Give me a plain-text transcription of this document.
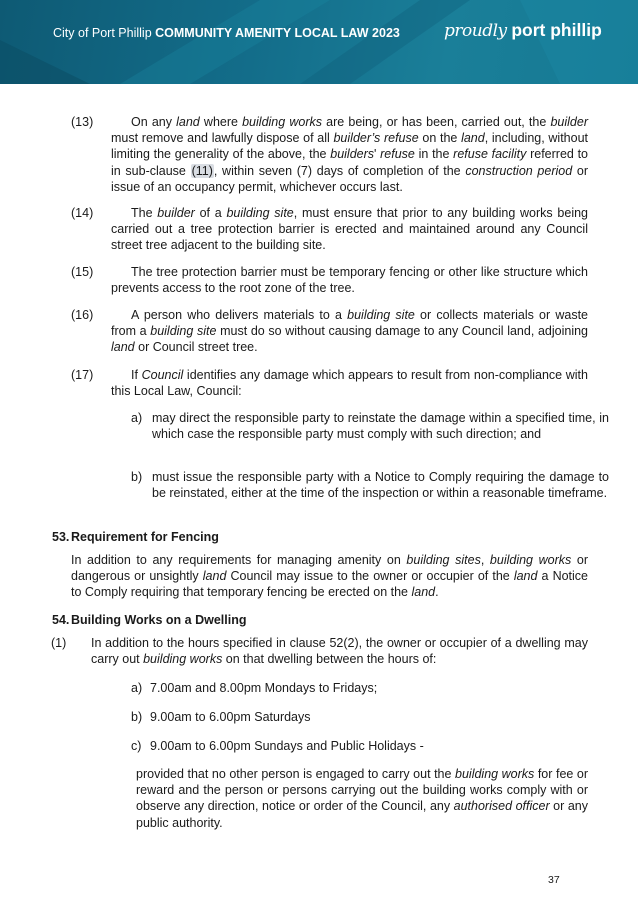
City of Port Phillip COMMUNITY AMENITY LOCAL LAW 2023	proudly port phillip
(13)	On any land where building works are being, or has been, carried out, the builder must remove and lawfully dispose of all builder’s refuse on the land, including, without limiting the generality of the above, the builders' refuse in the refuse facility referred to in sub-clause (11), within seven (7) days of completion of the construction period or issue of an occupancy permit, whichever occurs last.
(14)	The builder of a building site, must ensure that prior to any building works being carried out a tree protection barrier is erected and maintained around any Council street tree adjacent to the building site.
(15)	The tree protection barrier must be temporary fencing or other like structure which prevents access to the root zone of the tree.
(16)	A person who delivers materials to a building site or collects materials or waste from a building site must do so without causing damage to any Council land, adjoining land or Council street tree.
(17)	If Council identifies any damage which appears to result from non-compliance with this Local Law, Council:
a) may direct the responsible party to reinstate the damage within a specified time, in which case the responsible party must comply with such direction; and
b) must issue the responsible party with a Notice to Comply requiring the damage to be reinstated, either at the time of the inspection or within a reasonable timeframe.
53. Requirement for Fencing
In addition to any requirements for managing amenity on building sites, building works or dangerous or unsightly land Council may issue to the owner or occupier of the land a Notice to Comply requiring that temporary fencing be erected on the land.
54. Building Works on a Dwelling
(1) In addition to the hours specified in clause 52(2), the owner or occupier of a dwelling may carry out building works on that dwelling between the hours of:
a) 7.00am and 8.00pm Mondays to Fridays;
b) 9.00am to 6.00pm Saturdays
c) 9.00am to 6.00pm Sundays and Public Holidays -
provided that no other person is engaged to carry out the building works for fee or reward and the person or persons carrying out the building works comply with or observe any direction, notice or order of the Council, any authorised officer or any public authority.
37
